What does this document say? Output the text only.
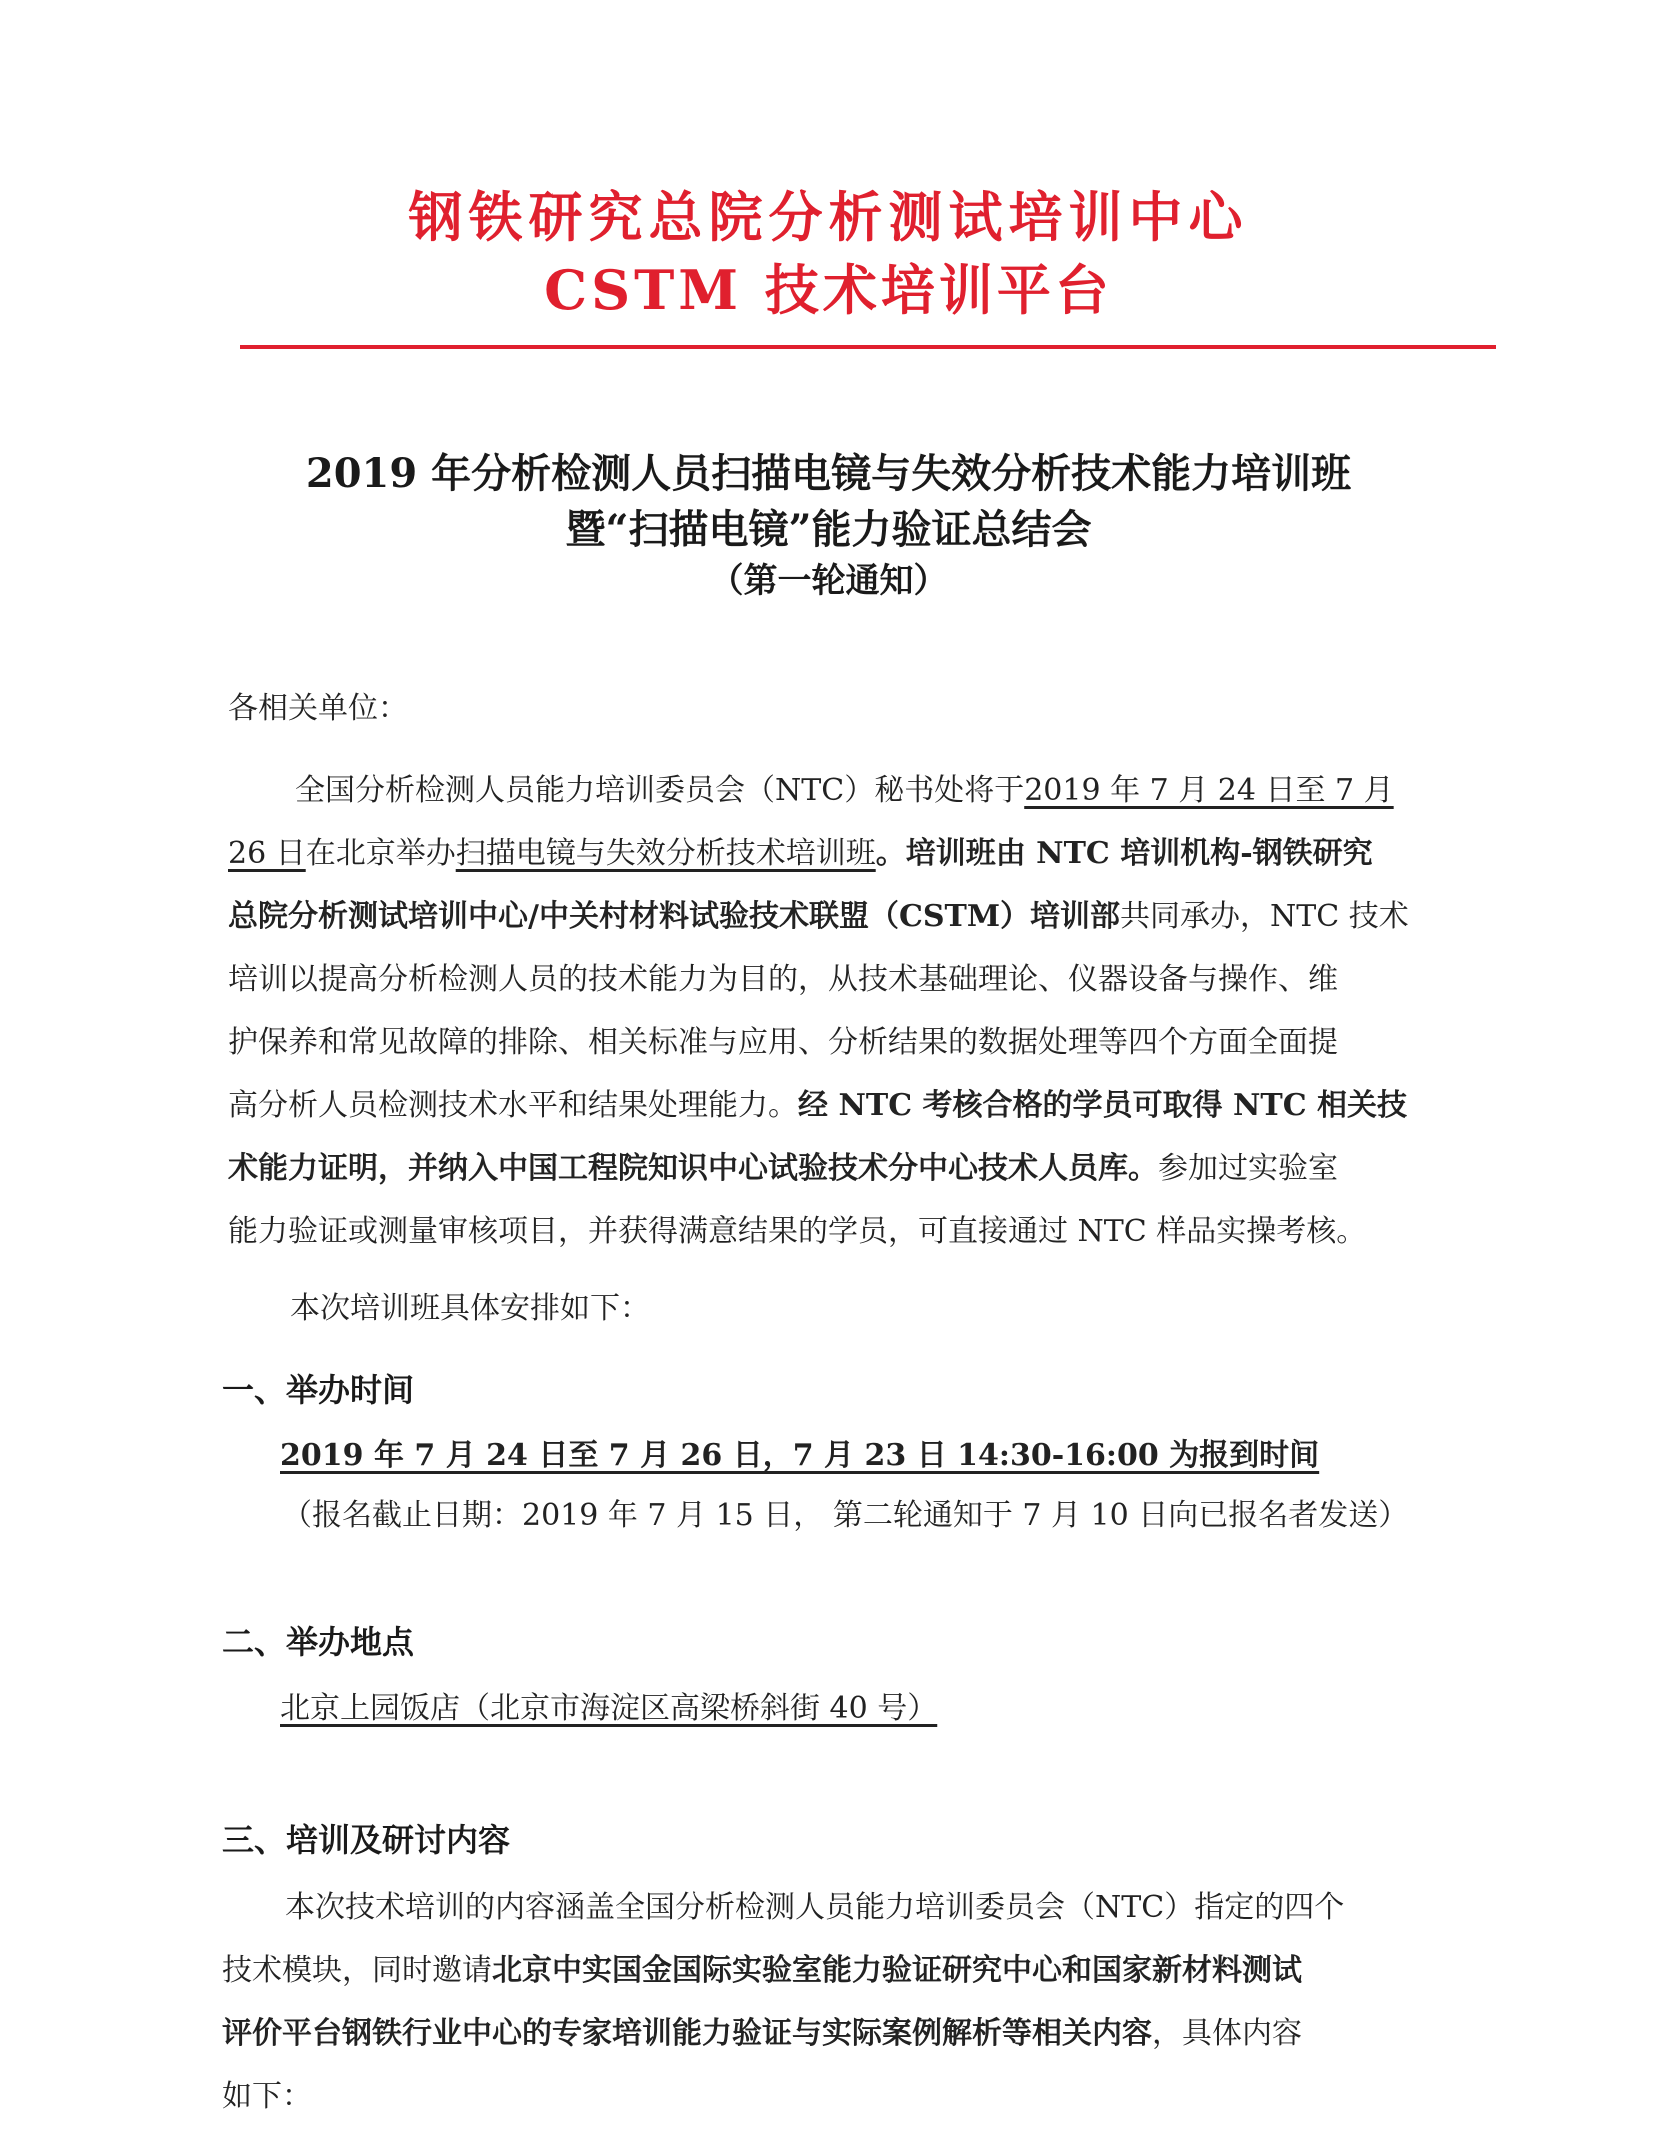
钢铁研究总院分析测试培训中心
CSTM 技术培训平台
2019 年分析检测人员扫描电镜与失效分析技术能力培训班
暨“扫描电镜”能力验证总结会
（第一轮通知）
各相关单位：
全国分析检测人员能力培训委员会（NTC）秘书处将于2019 年 7 月 24 日至 7 月
26 日在北京举办扫描电镜与失效分析技术培训班。培训班由 NTC 培训机构-钢铁研究
总院分析测试培训中心/中关村材料试验技术联盟（CSTM）培训部共同承办，NTC 技术
培训以提高分析检测人员的技术能力为目的，从技术基础理论、仪器设备与操作、维
护保养和常见故障的排除、相关标准与应用、分析结果的数据处理等四个方面全面提
高分析人员检测技术水平和结果处理能力。经 NTC 考核合格的学员可取得 NTC 相关技
术能力证明，并纳入中国工程院知识中心试验技术分中心技术人员库。参加过实验室
能力验证或测量审核项目，并获得满意结果的学员，可直接通过 NTC 样品实操考核。
本次培训班具体安排如下：
一、举办时间
2019 年 7 月 24 日至 7 月 26 日，7 月 23 日 14:30-16:00 为报到时间
（报名截止日期：2019 年 7 月 15 日， 第二轮通知于 7 月 10 日向已报名者发送）
二、举办地点
北京上园饭店（北京市海淀区高梁桥斜街 40 号）
三、培训及研讨内容
本次技术培训的内容涵盖全国分析检测人员能力培训委员会（NTC）指定的四个
技术模块，同时邀请北京中实国金国际实验室能力验证研究中心和国家新材料测试
评价平台钢铁行业中心的专家培训能力验证与实际案例解析等相关内容，具体内容
如下：
